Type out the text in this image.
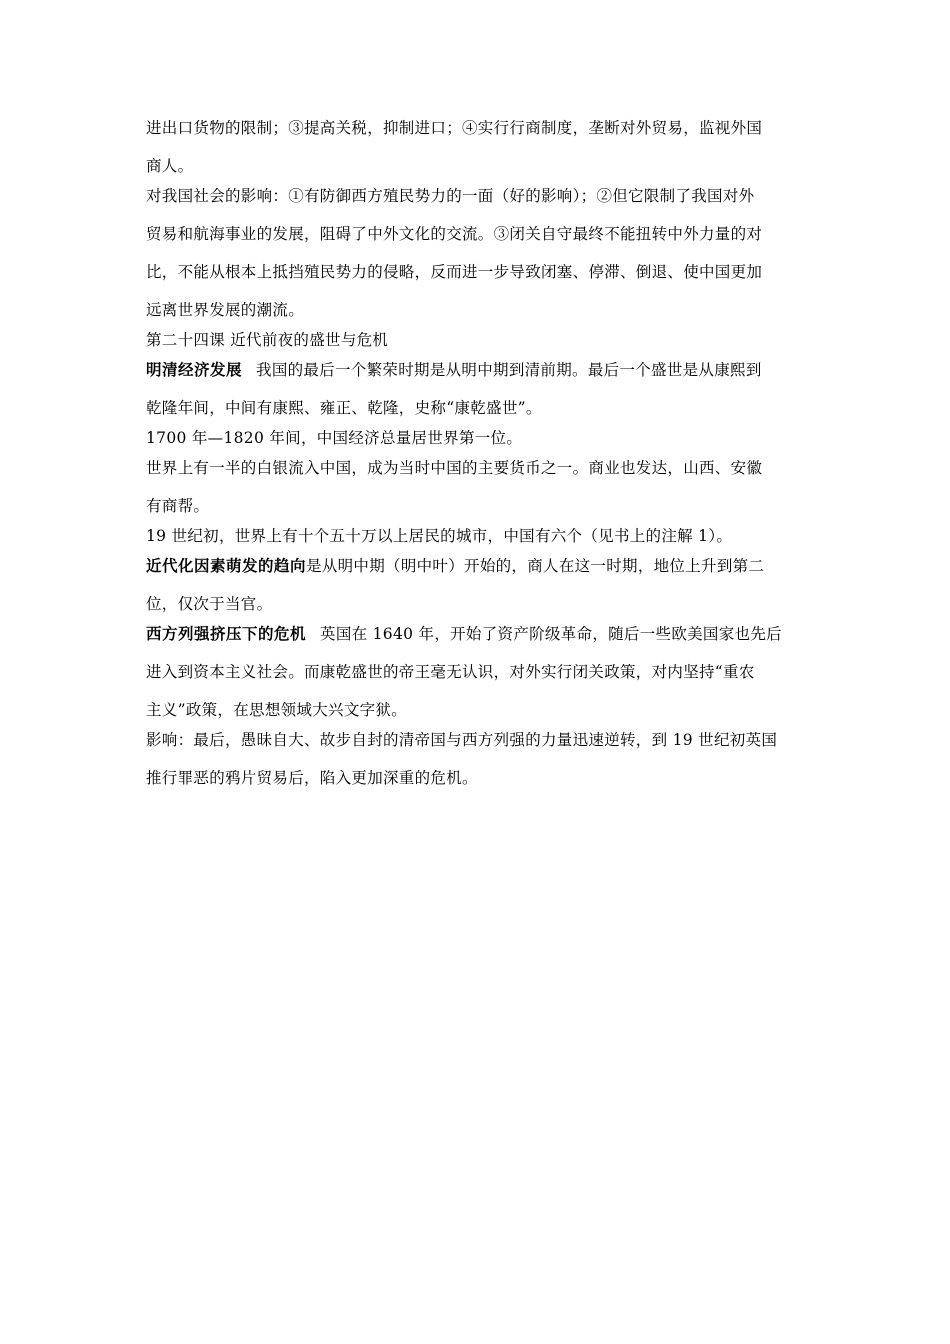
进出口货物的限制；③提高关税，抑制进口；④实行行商制度，垄断对外贸易，监视外国
商人。
对我国社会的影响：①有防御西方殖民势力的一面（好的影响）；②但它限制了我国对外
贸易和航海事业的发展，阻碍了中外文化的交流。③闭关自守最终不能扭转中外力量的对
比，不能从根本上抵挡殖民势力的侵略，反而进一步导致闭塞、停滞、倒退、使中国更加
远离世界发展的潮流。
第二十四课 近代前夜的盛世与危机
明清经济发展 我国的最后一个繁荣时期是从明中期到清前期。最后一个盛世是从康熙到
乾隆年间，中间有康熙、雍正、乾隆，史称“康乾盛世”。
1700 年—1820 年间，中国经济总量居世界第一位。
世界上有一半的白银流入中国，成为当时中国的主要货币之一。商业也发达，山西、安徽
有商帮。
19 世纪初，世界上有十个五十万以上居民的城市，中国有六个（见书上的注解 1）。
近代化因素萌发的趋向是从明中期（明中叶）开始的，商人在这一时期，地位上升到第二
位，仅次于当官。
西方列强挤压下的危机 英国在 1640 年，开始了资产阶级革命，随后一些欧美国家也先后
进入到资本主义社会。而康乾盛世的帝王毫无认识，对外实行闭关政策，对内坚持“重农
主义”政策，在思想领域大兴文字狱。
影响：最后，愚昧自大、故步自封的清帝国与西方列强的力量迅速逆转，到 19 世纪初英国
推行罪恶的鸦片贸易后，陷入更加深重的危机。
